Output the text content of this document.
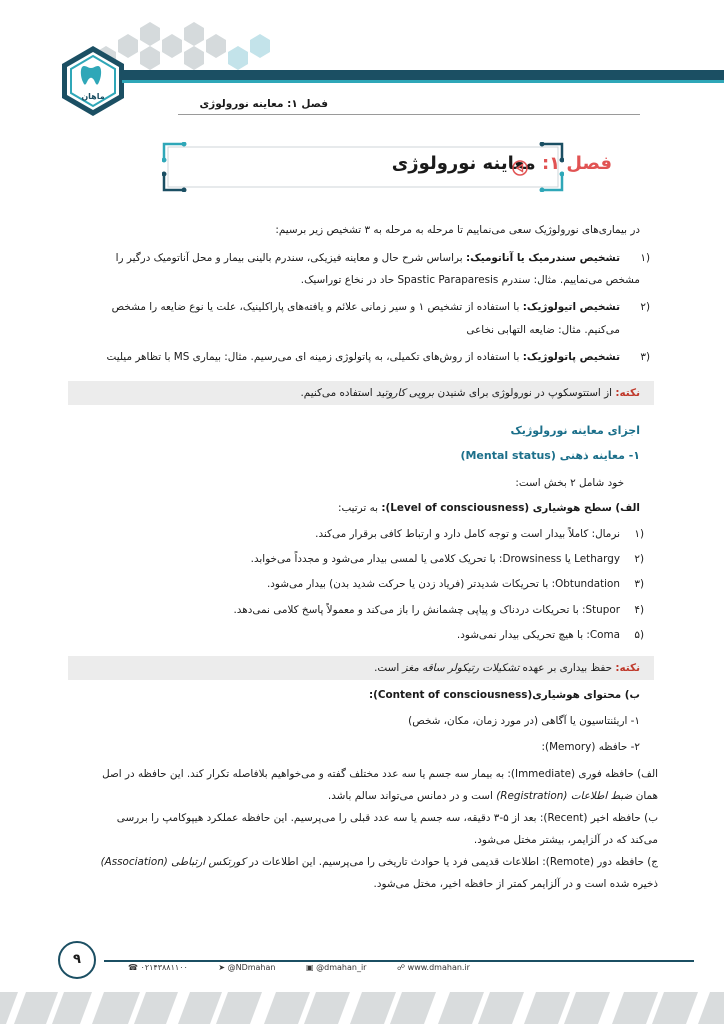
ماهان
فصل ۱: معاینه نورولوژی
فصل ۱: معاینه نورولوژی
در بیماری‌های نورولوژیک سعی می‌نماییم تا مرحله به مرحله به ۳ تشخیص زیر برسیم:
۱)
تشخیص سندرمیک یا آناتومیک: براساس شرح حال و معاینه فیزیکی، سندرم بالینی بیمار و محل آناتومیک درگیر را
مشخص می‌نماییم. مثال: سندرم Spastic Paraparesis حاد در نخاع توراسیک.
۲)
تشخیص اتیولوژیک: با استفاده از تشخیص ۱ و سیر زمانی علائم و یافته‌های پاراکلینیک، علت یا نوع ضایعه را مشخص
می‌کنیم. مثال: ضایعه التهابی نخاعی
۳)
تشخیص پاتولوژیک: با استفاده از روش‌های تکمیلی، به پاتولوژی زمینه ای می‌رسیم. مثال: بیماری MS با تظاهر میلیت
نکته: از استتوسکوپ در نورولوژی برای شنیدن برویی کاروتید استفاده می‌کنیم.
اجزای معاینه نورولوژیک
۱- معاینه ذهنی (Mental status)
خود شامل ۲ بخش است:
الف) سطح هوشیاری (Level of consciousness): به ترتیب:
۱)
نرمال: کاملاً بیدار است و توجه کامل دارد و ارتباط کافی برقرار می‌کند.
۲)
Lethargy یا Drowsiness: با تحریک کلامی یا لمسی بیدار می‌شود و مجدداً می‌خوابد.
۳)
Obtundation: با تحریکات شدیدتر (فریاد زدن یا حرکت شدید بدن) بیدار می‌شود.
۴)
Stupor: با تحریکات دردناک و پیاپی چشمانش را باز می‌کند و معمولاً پاسخ کلامی نمی‌دهد.
۵)
Coma: با هیچ تحریکی بیدار نمی‌شود.
نکته: حفظ بیداری بر عهده تشکیلات رتیکولر ساقه مغز است.
ب) محتوای هوشیاری(Content of consciousness):
۱- اریئنتاسیون یا آگاهی (در مورد زمان، مکان، شخص)
۲- حافظه (Memory):
الف) حافظه فوری (Immediate): به بیمار سه جسم یا سه عدد مختلف گفته و می‌خواهیم بلافاصله تکرار کند. این حافظه در اصل
همان ضبط اطلاعات (Registration) است و در دمانس می‌تواند سالم باشد.
ب) حافظه اخیر (Recent): بعد از ۵-۳ دقیقه، سه جسم یا سه عدد قبلی را می‌پرسیم. این حافظه عملکرد هیپوکامپ را بررسی
می‌کند که در آلزایمر، بیشتر مختل می‌شود.
ج) حافظه دور (Remote): اطلاعات قدیمی فرد یا حوادث تاریخی را می‌پرسیم. این اطلاعات در کورتکس ارتباطی (Association)
ذخیره شده است و در آلزایمر کمتر از حافظه اخیر، مختل می‌شود.
۹
☎ ۰۲۱۴۳۸۸۱۱۰۰	➤ @NDmahan	▣ @dmahan_ir	☍ www.dmahan.ir
